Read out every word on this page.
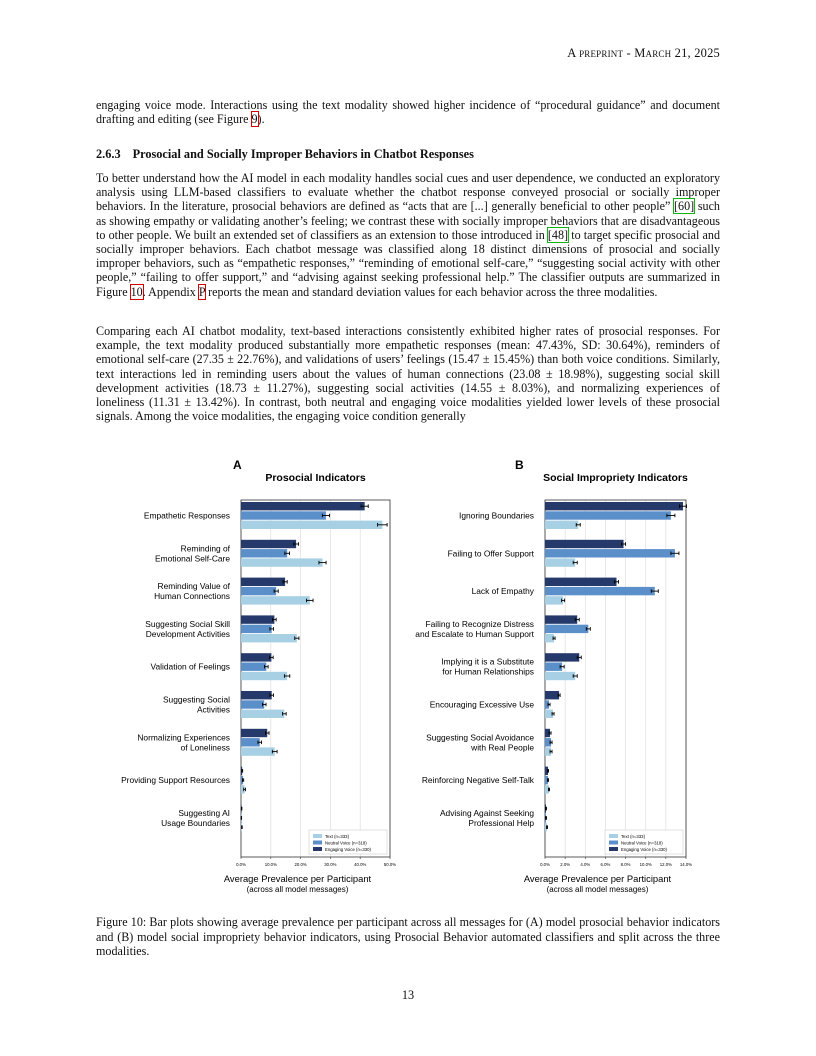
A preprint - March 21, 2025
engaging voice mode. Interactions using the text modality showed higher incidence of “procedural guidance” and document drafting and editing (see Figure 9).
2.6.3 Prosocial and Socially Improper Behaviors in Chatbot Responses
To better understand how the AI model in each modality handles social cues and user dependence, we conducted an exploratory analysis using LLM-based classifiers to evaluate whether the chatbot response conveyed prosocial or socially improper behaviors. In the literature, prosocial behaviors are defined as “acts that are [...] generally beneficial to other people” [60] such as showing empathy or validating another’s feeling; we contrast these with socially improper behaviors that are disadvantageous to other people. We built an extended set of classifiers as an extension to those introduced in [48] to target specific prosocial and socially improper behaviors. Each chatbot message was classified along 18 distinct dimensions of prosocial and socially improper behaviors, such as “empathetic responses,” “reminding of emotional self-care,” “suggesting social activity with other people,” “failing to offer support,” and “advising against seeking professional help.” The classifier outputs are summarized in Figure 10. Appendix P reports the mean and standard deviation values for each behavior across the three modalities.
Comparing each AI chatbot modality, text-based interactions consistently exhibited higher rates of prosocial responses. For example, the text modality produced substantially more empathetic responses (mean: 47.43%, SD: 30.64%), reminders of emotional self-care (27.35 ± 22.76%), and validations of users’ feelings (15.47 ± 15.45%) than both voice conditions. Similarly, text interactions led in reminding users about the values of human connections (23.08 ± 18.98%), suggesting social skill development activities (18.73 ± 11.27%), suggesting social activities (14.55 ± 8.03%), and normalizing experiences of loneliness (11.31 ± 13.42%). In contrast, both neutral and engaging voice modalities yielded lower levels of these prosocial signals. Among the voice modalities, the engaging voice condition generally
A
Prosocial Indicators
0.0%	10.0%	20.0%	30.0%	40.0%	50.0%
Empathetic Responses
Reminding of
Emotional Self-Care
Reminding Value of
Human Connections
Suggesting Social Skill
Development Activities
Validation of Feelings
Suggesting Social
Activities
Normalizing Experiences
of Loneliness
Providing Support Resources
Suggesting AI
Usage Boundaries
Text (n=333)
Neutral Voice (n=318)
Engaging Voice (n=330)
Average Prevalence per Participant
(across all model messages)
B
Social Impropriety Indicators
0.0% 2.0% 4.0% 6.0% 8.0% 10.0% 12.0% 14.0%
Ignoring Boundaries
Failing to Offer Support
Lack of Empathy
Failing to Recognize Distress
and Escalate to Human Support
Implying it is a Substitute
for Human Relationships
Encouraging Excessive Use
Suggesting Social Avoidance
with Real People
Reinforcing Negative Self-Talk
Advising Against Seeking
Professional Help
Text (n=333)
Neutral Voice (n=318)
Engaging Voice (n=330)
Average Prevalence per Participant
(across all model messages)
Figure 10: Bar plots showing average prevalence per participant across all messages for (A) model prosocial behavior indicators and (B) model social impropriety behavior indicators, using Prosocial Behavior automated classifiers and split across the three modalities.
13
